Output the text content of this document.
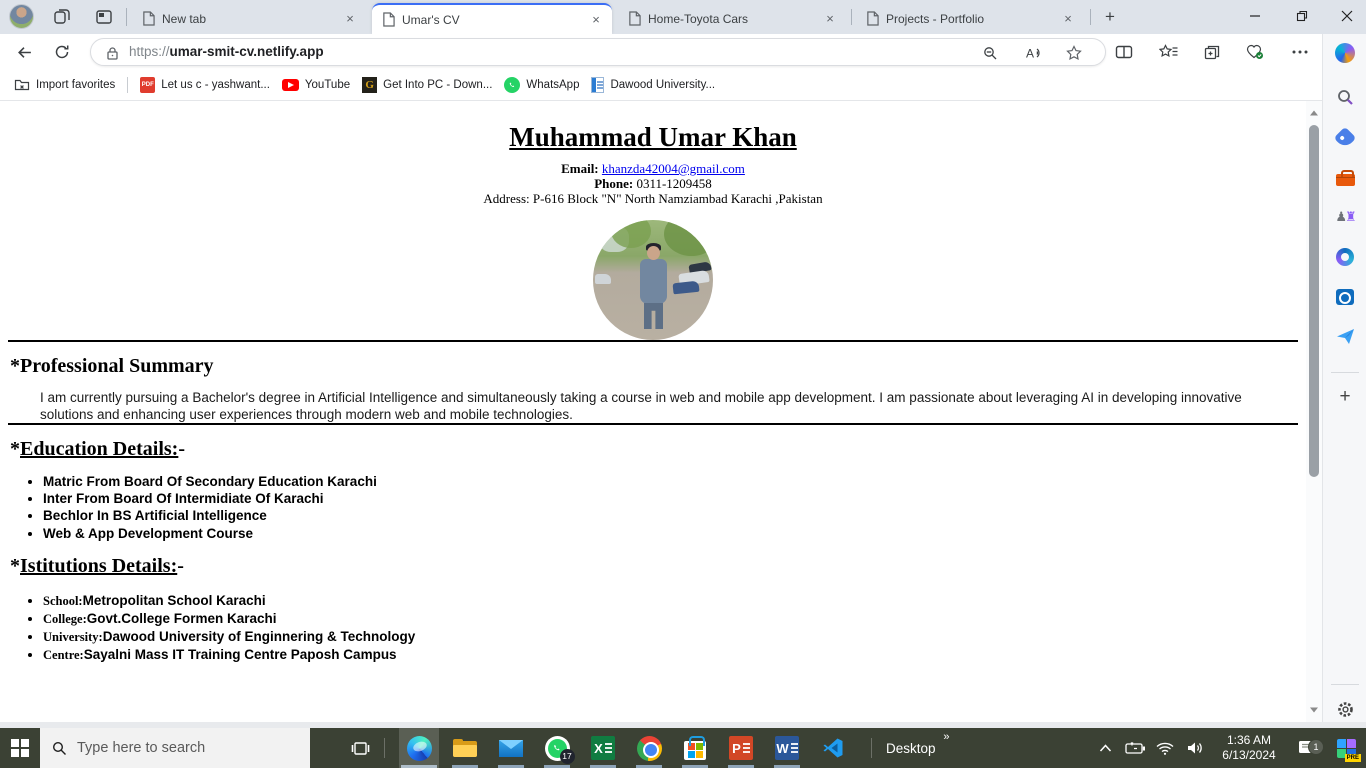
New tab	×	Umar's CV	×	Home-Toyota Cars	×	Projects - Portfolio	×	+
https://umar-smit-cv.netlify.app	A
Import favorites	PDF Let us c - yashwant...	YouTube G Get Into PC - Down...	WhatsApp	Dawood University...
♟ ♜
+
Muhammad Umar Khan
Email: khanzda42004@gmail.com
Phone: 0311-1209458
Address: P-616 Block "N" North Namziambad Karachi ,Pakistan
*Professional Summary
I am currently pursuing a Bachelor's degree in Artificial Intelligence and simultaneously taking a course in web and mobile app development. I am passionate about leveraging AI in developing innovative solutions and enhancing user experiences through modern web and mobile technologies.
*Education Details:-
• Matric From Board Of Secondary Education Karachi
• Inter From Board Of Intermidiate Of Karachi
• Bechlor In BS Artificial Intelligence
• Web & App Development Course
*Istitutions Details:-
• School:Metropolitan School Karachi
• College:Govt.College Formen Karachi
• University:Dawood University of Enginnering & Technology
• Centre:Sayalni Mass IT Training Centre Paposh Campus
Type here to search
17
X	P	W	Desktop
»	1:36 AM
6/13/2024
1
PRE
